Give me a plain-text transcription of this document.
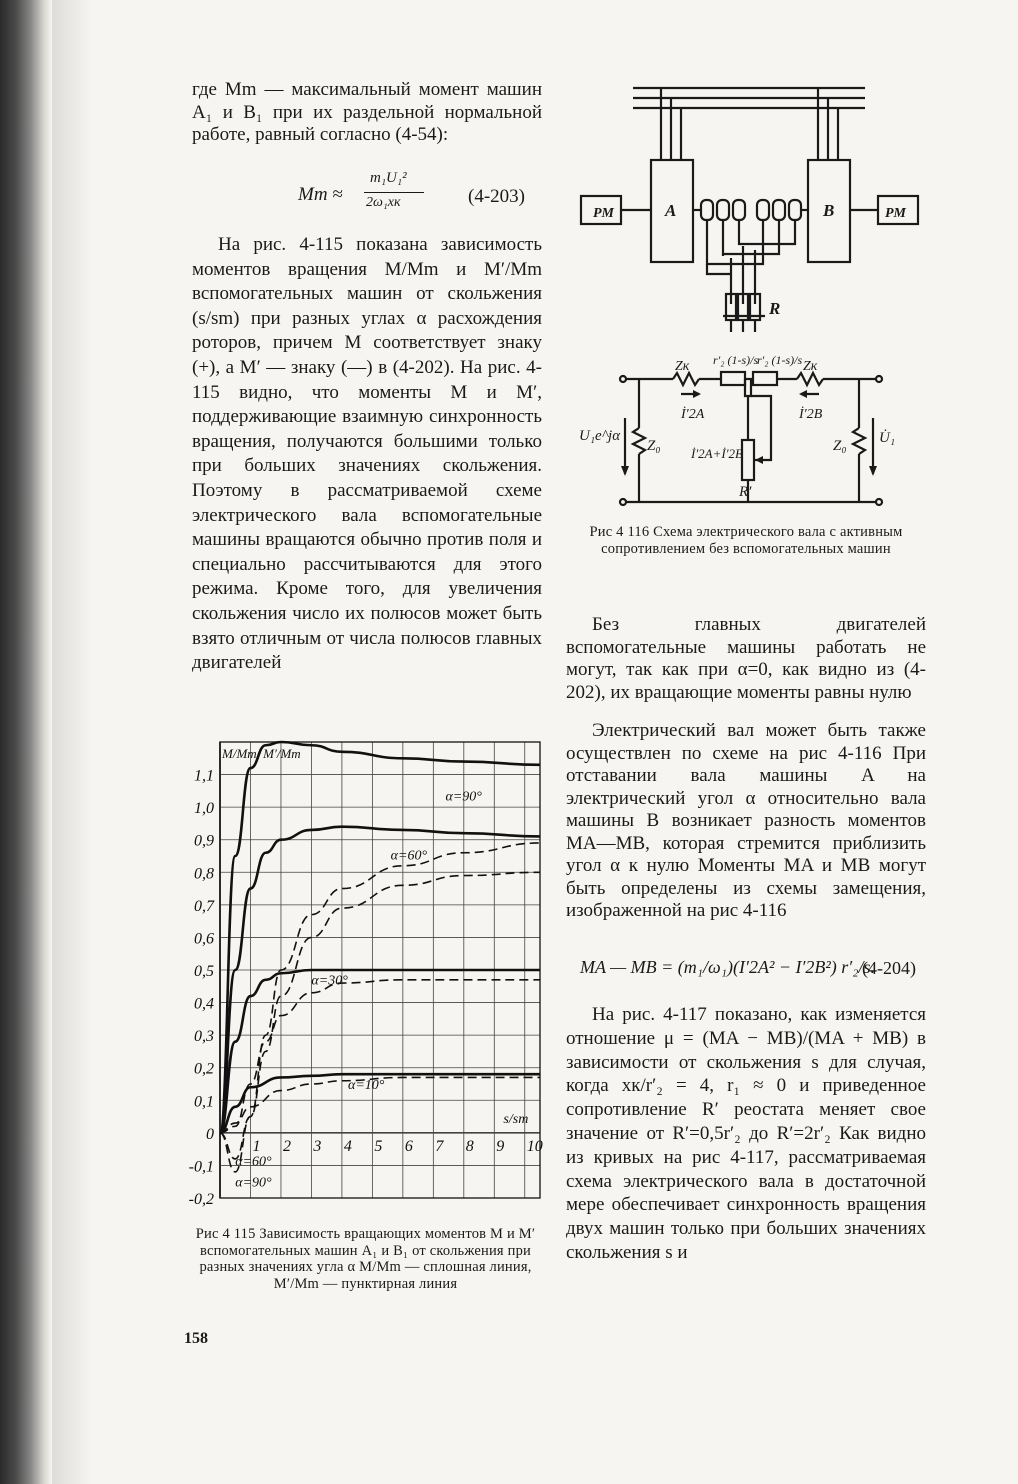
где Mm — максимальный момент машин A₁ и B₁ при их раздельной нормальной работе, равный согласно (4-54):

Mm ≈
m₁U₁²
2ω₁xк	(4-203)

На рис. 4-115 показана зависимость моментов вращения M/Mm и M′/Mm вспомогательных машин от скольжения (s/sm) при разных углах α расхождения роторов, причем M соответствует знаку (+), а M′ — знаку (—) в (4-202). На рис. 4-115 видно, что моменты M и M′, поддерживающие взаимную синхронность вращения, получаются большими только при больших значениях скольжения. Поэтому в рассматриваемой схеме электрического вала вспомогательные машины вращаются обычно против поля и специально рассчитываются для этого режима. Кроме того, для увеличения скольжения число их полюсов может быть взято отличным от числа полюсов главных двигателей

1 2 3 4 5 6 7 8 9 10
1,1
1,0
0,9
0,8
0,7
0,6
0,5
0,4
0,3
0,2
0,1
0
-0,1
-0,2
M/Mm, M′/Mm
s/sm
α=90°
α=60°
α=30°
α=10°
α=60°
α=90°
Рис 4 115 Зависимость вращающих моментов M и M′ вспомогательных машин A₁ и B₁ от скольжения при разных значениях угла α M/Mm — сплошная линия, M′/Mm — пунктирная линия
158
PM	PM
A	B
R
Zк	Zк
r′₂ (1-s)/s
r′₂ (1-s)/s
İ′2A	İ′2B
İ′2A+İ′2B
R′
U₁e^jα
Z₀	Z₀ U̇₁
Рис 4 116 Схема электрического вала с активным сопротивлением без вспомогательных машин

Без главных двигателей вспомогательные машины работать не могут, так как при α=0, как видно из (4-202), их вращающие моменты равны нулю

Электрический вал может быть также осуществлен по схеме на рис 4-116 При отставании вала машины A на электрический угол α относительно вала машины B возникает разность моментов MA—MB, которая стремится приблизить угол α к нулю Моменты MA и MB могут быть определены из схемы замещения, изображенной на рис 4-116

MA — MB = (m₁/ω₁)(I′2A² − I′2B²) r′₂/s.
(4-204)

На рис. 4-117 показано, как изменяется отношение μ = (MA − MB)/(MA + MB) в зависимости от скольжения s для случая, когда xк/r′₂ = 4, r₁ ≈ 0 и приведенное сопротивление R′ реостата меняет свое значение от R′=0,5r′₂ до R′=2r′₂ Как видно из кривых на рис 4-117, рассматриваемая схема электрического вала в достаточной мере обеспечивает синхронность вращения двух машин только при больших значениях скольжения s и
